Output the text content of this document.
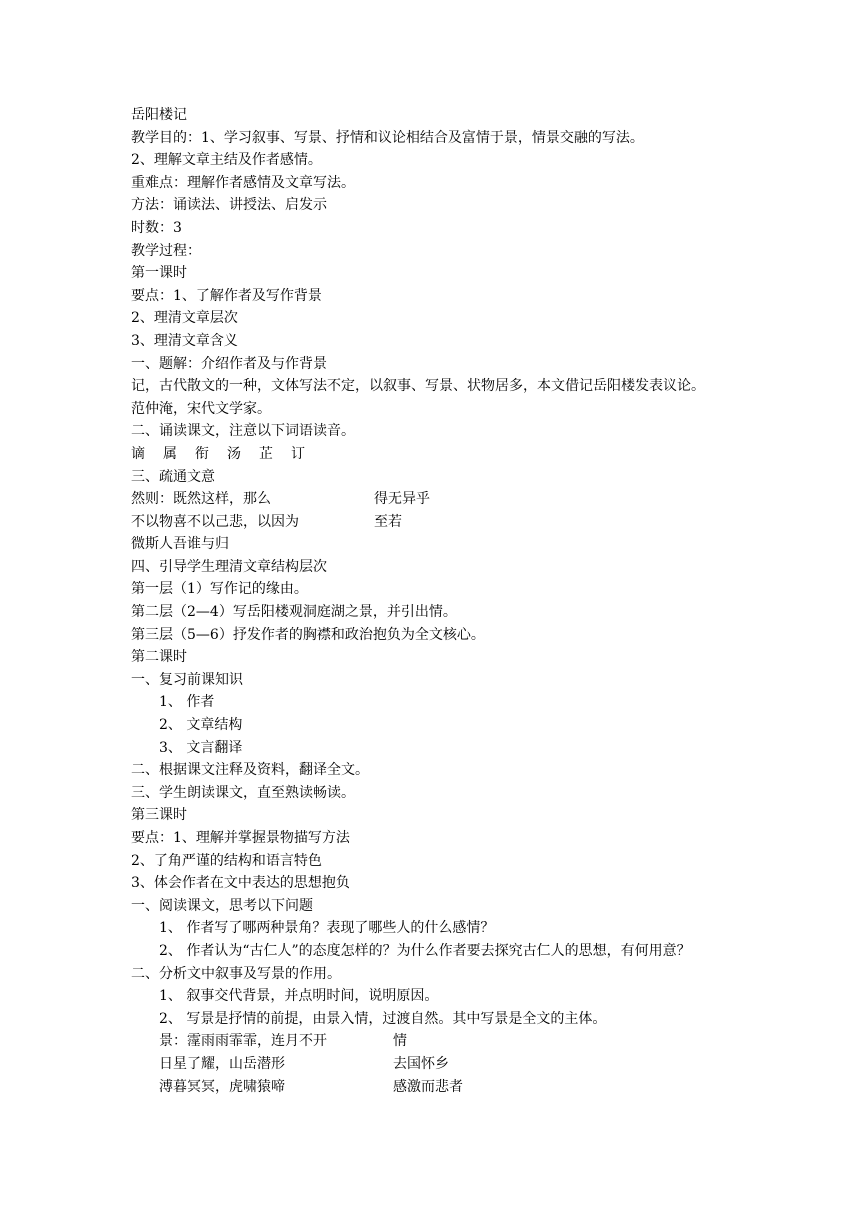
岳阳楼记
教学目的：1、学习叙事、写景、抒情和议论相结合及富情于景，情景交融的写法。
2、理解文章主结及作者感情。
重难点：理解作者感情及文章写法。
方法：诵读法、讲授法、启发示
时数：3
教学过程：
第一课时
要点：1、了解作者及写作背景
2、理清文章层次
3、理清文章含义
一、题解：介绍作者及与作背景
记，古代散文的一种，文体写法不定，以叙事、写景、状物居多，本文借记岳阳楼发表议论。
范仲淹，宋代文学家。
二、诵读课文，注意以下词语读音。
谪 属 衔 汤 芷 订
三、疏通文意
然则：既然这样，那么	得无异乎
不以物喜不以己悲，以因为	至若
微斯人吾谁与归
四、引导学生理清文章结构层次
第一层（1）写作记的缘由。
第二层（2—4）写岳阳楼观洞庭湖之景，并引出情。
第三层（5—6）抒发作者的胸襟和政治抱负为全文核心。
第二课时
一、复习前课知识
1、 作者
2、 文章结构
3、 文言翻译
二、根据课文注释及资料，翻译全文。
三、学生朗读课文，直至熟读畅读。
第三课时
要点：1、理解并掌握景物描写方法
2、了角严谨的结构和语言特色
3、体会作者在文中表达的思想抱负
一、阅读课文，思考以下问题
1、 作者写了哪两种景角？表现了哪些人的什么感情？
2、 作者认为“古仁人”的态度怎样的？为什么作者要去探究古仁人的思想，有何用意？
二、分析文中叙事及写景的作用。
1、 叙事交代背景，并点明时间，说明原因。
2、 写景是抒情的前提，由景入情，过渡自然。其中写景是全文的主体。
景：霪雨雨霏霏，连月不开	情
日星了耀，山岳潜形	去国怀乡
溥暮冥冥，虎啸猿啼	感激而悲者
